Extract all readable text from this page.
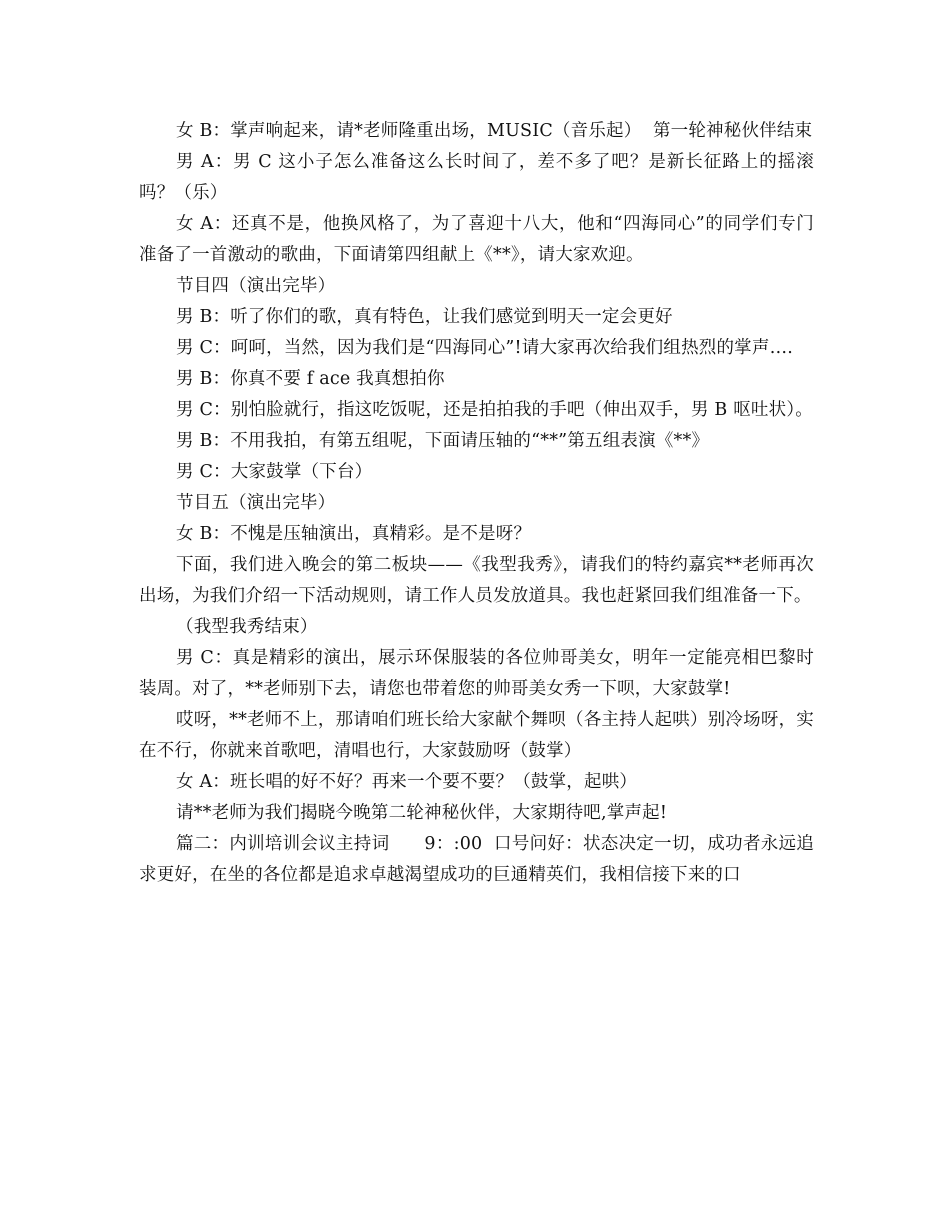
女 B：掌声响起来，请*老师隆重出场，MUSIC（音乐起）  第一轮神秘伙伴结束

男 A：男 C 这小子怎么准备这么长时间了，差不多了吧？是新长征路上的摇滚吗？（乐）

女 A：还真不是，他换风格了，为了喜迎十八大，他和“四海同心”的同学们专门准备了一首激动的歌曲，下面请第四组献上《**》，请大家欢迎。

节目四（演出完毕）

男 B：听了你们的歌，真有特色，让我们感觉到明天一定会更好

男 C：呵呵，当然，因为我们是“四海同心”!请大家再次给我们组热烈的掌声….

男 B：你真不要 f ace 我真想拍你

男 C：别怕脸就行，指这吃饭呢，还是拍拍我的手吧（伸出双手，男 B 呕吐状）。

男 B：不用我拍，有第五组呢，下面请压轴的“**”第五组表演《**》

男 C：大家鼓掌（下台）

节目五（演出完毕）

女 B：不愧是压轴演出，真精彩。是不是呀？

下面，我们进入晚会的第二板块——《我型我秀》，请我们的特约嘉宾**老师再次出场，为我们介绍一下活动规则，请工作人员发放道具。我也赶紧回我们组准备一下。

（我型我秀结束）

男 C：真是精彩的演出，展示环保服装的各位帅哥美女，明年一定能亮相巴黎时装周。对了，**老师别下去，请您也带着您的帅哥美女秀一下呗，大家鼓掌!

哎呀，**老师不上，那请咱们班长给大家献个舞呗（各主持人起哄）别冷场呀，实在不行，你就来首歌吧，清唱也行，大家鼓励呀（鼓掌）

女 A：班长唱的好不好？再来一个要不要？（鼓掌，起哄）

请**老师为我们揭晓今晚第二轮神秘伙伴，大家期待吧,掌声起!

篇二：内训培训会议主持词      9：:00  口号问好：状态决定一切，成功者永远追求更好，在坐的各位都是追求卓越渴望成功的巨通精英们，我相信接下来的口
